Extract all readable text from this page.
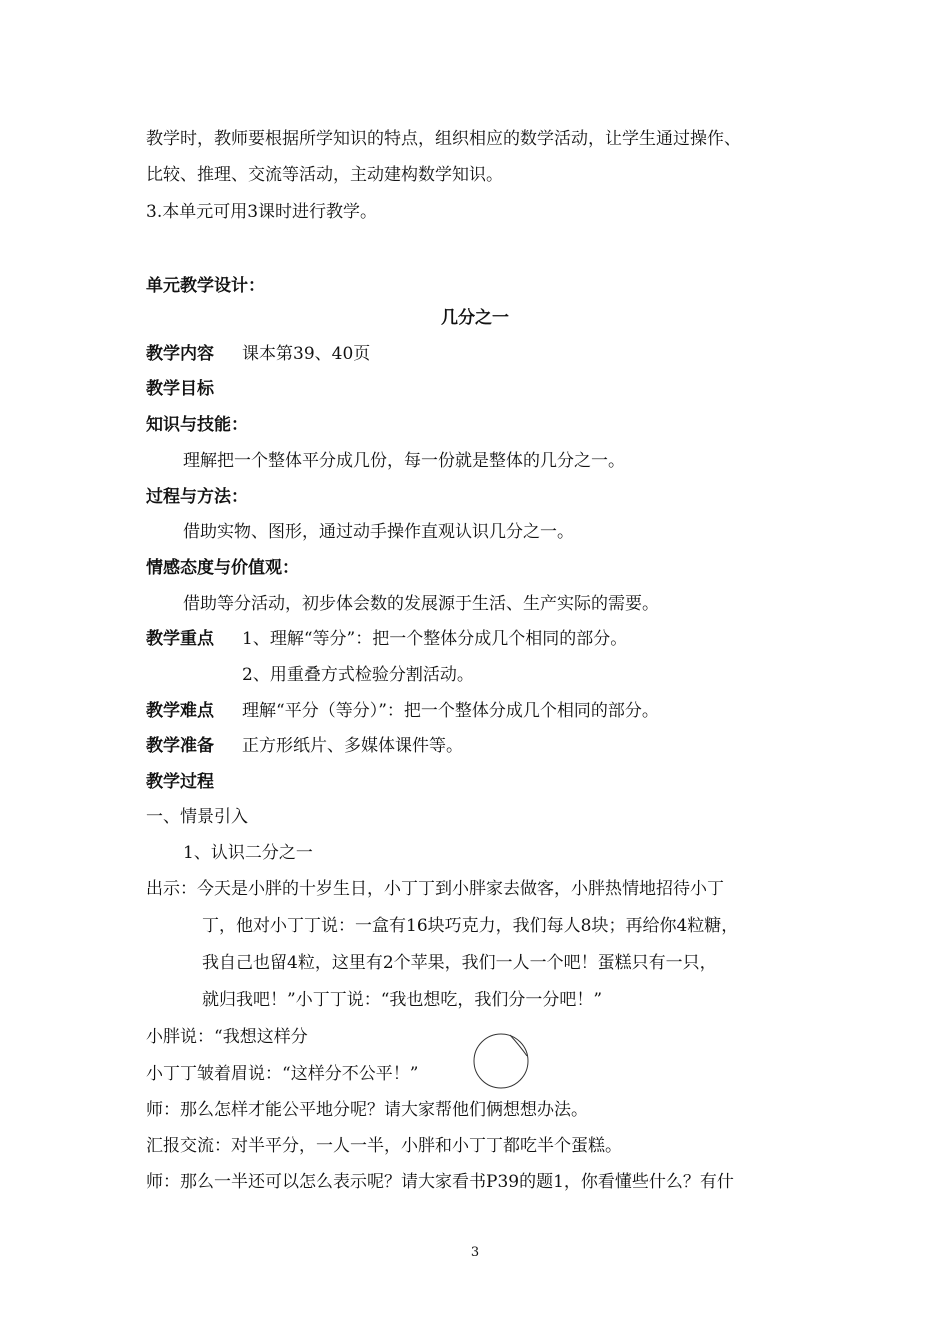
教学时，教师要根据所学知识的特点，组织相应的数学活动，让学生通过操作、
比较、推理、交流等活动，主动建构数学知识。
3.本单元可用3课时进行教学。
单元教学设计：
几分之一
教学内容 课本第39、40页
教学目标
知识与技能：
理解把一个整体平分成几份，每一份就是整体的几分之一。
过程与方法：
借助实物、图形，通过动手操作直观认识几分之一。
情感态度与价值观：
借助等分活动，初步体会数的发展源于生活、生产实际的需要。
教学重点 1、理解“等分”：把一个整体分成几个相同的部分。
2、用重叠方式检验分割活动。
教学难点 理解“平分（等分）”：把一个整体分成几个相同的部分。
教学准备 正方形纸片、多媒体课件等。
教学过程
一、情景引入
1、认识二分之一
出示：今天是小胖的十岁生日，小丁丁到小胖家去做客，小胖热情地招待小丁
丁，他对小丁丁说：一盒有16块巧克力，我们每人8块；再给你4粒糖，
我自己也留4粒，这里有2个苹果，我们一人一个吧！蛋糕只有一只，
就归我吧！”小丁丁说：“我也想吃，我们分一分吧！”
小胖说：“我想这样分
小丁丁皱着眉说：“这样分不公平！”
师：那么怎样才能公平地分呢？请大家帮他们俩想想办法。
汇报交流：对半平分，一人一半，小胖和小丁丁都吃半个蛋糕。
师：那么一半还可以怎么表示呢？请大家看书P39的题1，你看懂些什么？有什
3
